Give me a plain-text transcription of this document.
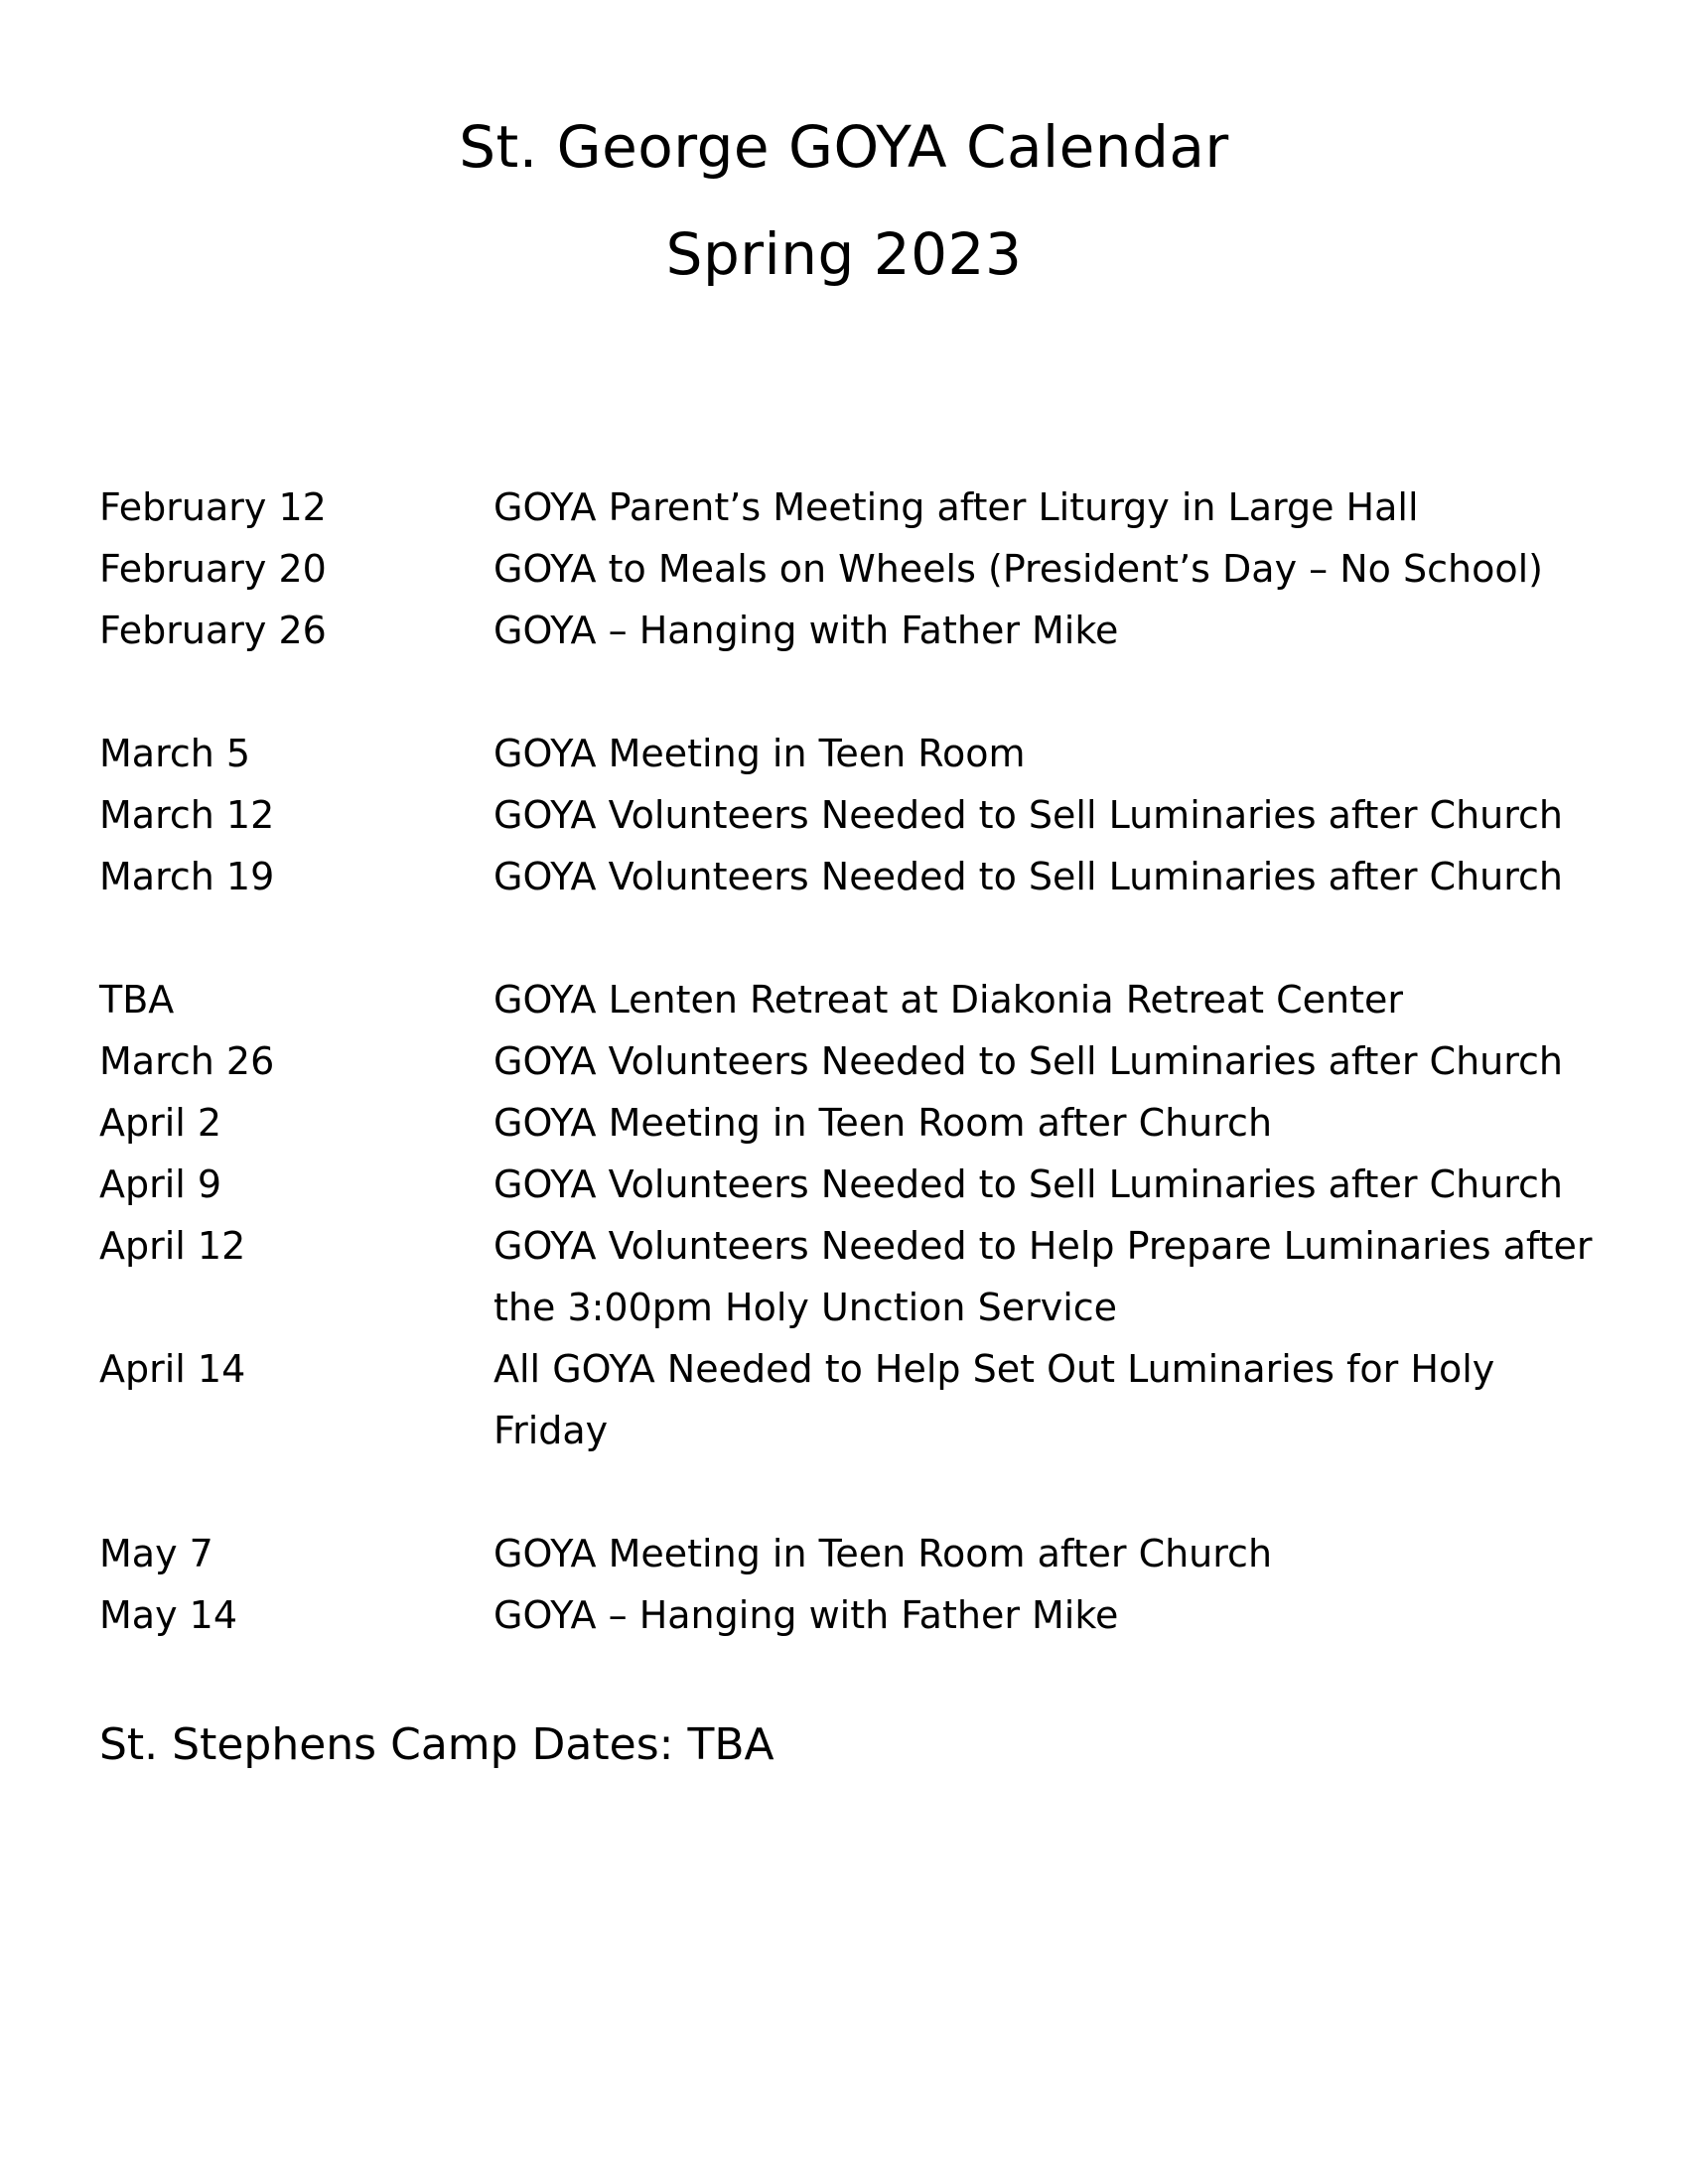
St. George GOYA Calendar
Spring 2023
February 12	GOYA Parent’s Meeting after Liturgy in Large Hall
February 20	GOYA to Meals on Wheels (President’s Day – No School)
February 26	GOYA – Hanging with Father Mike
March 5	GOYA Meeting in Teen Room
March 12	GOYA Volunteers Needed to Sell Luminaries after Church
March 19	GOYA Volunteers Needed to Sell Luminaries after Church
TBA	GOYA Lenten Retreat at Diakonia Retreat Center
March 26	GOYA Volunteers Needed to Sell Luminaries after Church
April 2	GOYA Meeting in Teen Room after Church
April 9	GOYA Volunteers Needed to Sell Luminaries after Church
April 12	GOYA Volunteers Needed to Help Prepare Luminaries after the 3:00pm Holy Unction Service
April 14	All GOYA Needed to Help Set Out Luminaries for Holy Friday
May 7	GOYA Meeting in Teen Room after Church
May 14	GOYA – Hanging with Father Mike
St. Stephens Camp Dates: TBA
